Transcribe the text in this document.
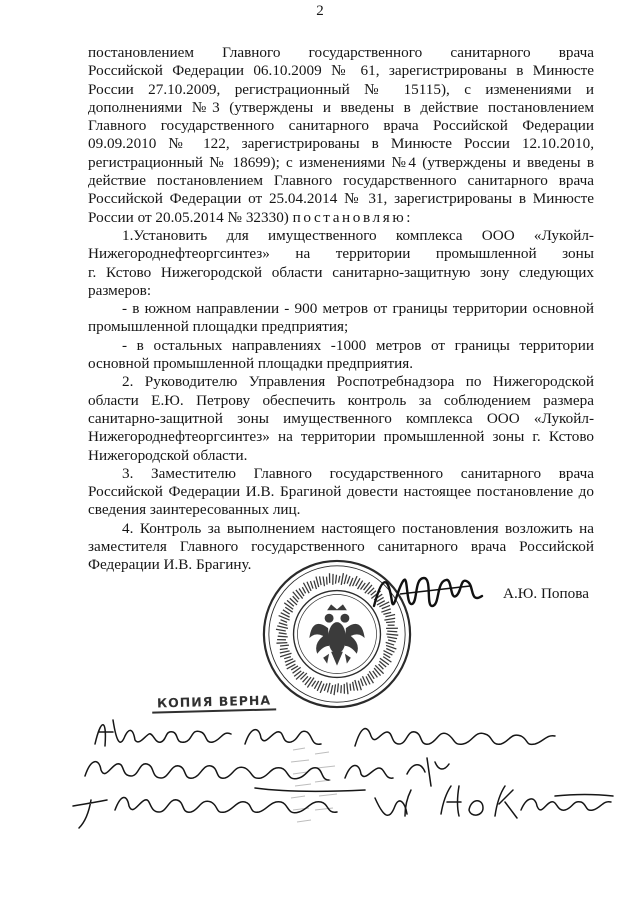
2
постановлением Главного государственного санитарного врача
Российской Федерации 06.10.2009 № 61, зарегистрированы в Минюсте
России 27.10.2009, регистрационный № 15115), с изменениями и
дополнениями №3 (утверждены и введены в действие постановлением
Главного государственного санитарного врача Российской Федерации
09.09.2010 № 122, зарегистрированы в Минюсте России 12.10.2010,
регистрационный № 18699); с изменениями №4 (утверждены и введены в
действие постановлением Главного государственного санитарного врача
Российской Федерации от 25.04.2014 № 31, зарегистрированы в Минюсте
России от 20.05.2014 № 32330) постановляю:
1.Установить для имущественного комплекса ООО «Лукойл-
Нижегороднефтеоргсинтез» на территории промышленной зоны
г. Кстово Нижегородской области санитарно-защитную зону следующих
размеров:
- в южном направлении - 900 метров от границы территории основной
промышленной площадки предприятия;
- в остальных направлениях -1000 метров от границы территории
основной промышленной площадки предприятия.
2. Руководителю Управления Роспотребнадзора по Нижегородской
области Е.Ю. Петрову обеспечить контроль за соблюдением размера
санитарно-защитной зоны имущественного комплекса ООО «Лукойл-
Нижегороднефтеоргсинтез» на территории промышленной зоны г. Кстово
Нижегородской области.
3. Заместителю Главного государственного санитарного врача
Российской Федерации И.В. Брагиной довести настоящее постановление до
сведения заинтересованных лиц.
4. Контроль за выполнением настоящего постановления возложить на
заместителя Главного государственного санитарного врача Российской
Федерации И.В. Брагину.
А.Ю. Попова
КОПИЯ ВЕРНА
